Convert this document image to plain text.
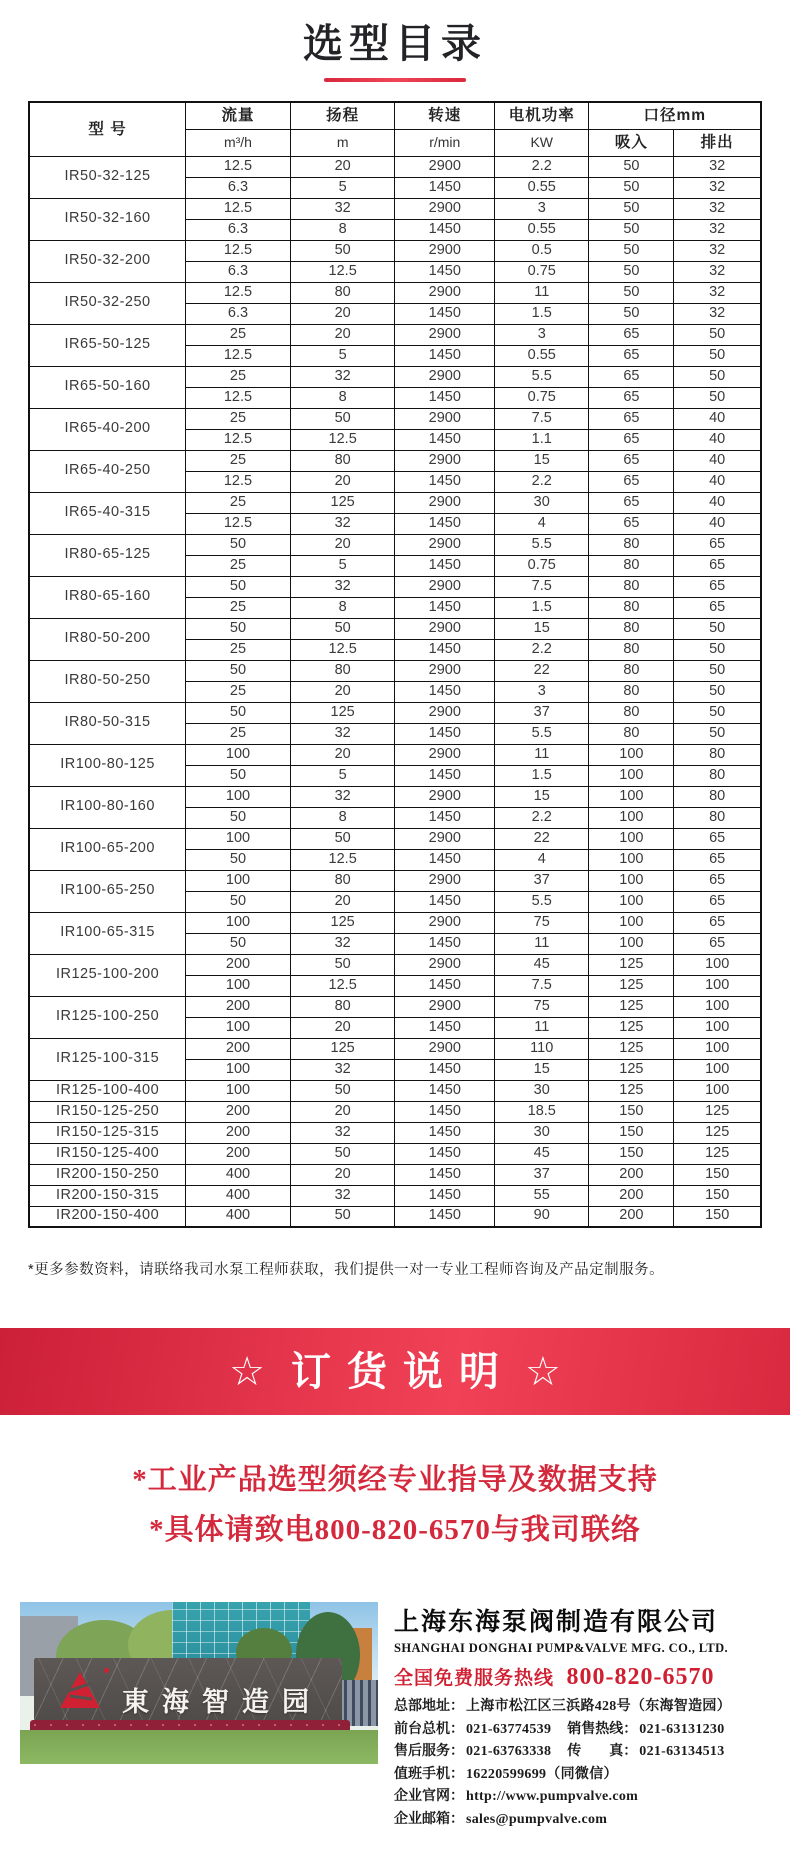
选型目录
型 号	流量	扬程	转速	电机功率	口径mm	
	m³/h	m	r/min	KW	吸入	排出
IR50-32-125	12.5	20	2900	2.2	50	32
	6.3	5	1450	0.55	50	32
IR50-32-160	12.5	32	2900	3	50	32
	6.3	8	1450	0.55	50	32
IR50-32-200	12.5	50	2900	0.5	50	32
	6.3	12.5	1450	0.75	50	32
IR50-32-250	12.5	80	2900	11	50	32
	6.3	20	1450	1.5	50	32
IR65-50-125	25	20	2900	3	65	50
	12.5	5	1450	0.55	65	50
IR65-50-160	25	32	2900	5.5	65	50
	12.5	8	1450	0.75	65	50
IR65-40-200	25	50	2900	7.5	65	40
	12.5	12.5	1450	1.1	65	40
IR65-40-250	25	80	2900	15	65	40
	12.5	20	1450	2.2	65	40
IR65-40-315	25	125	2900	30	65	40
	12.5	32	1450	4	65	40
IR80-65-125	50	20	2900	5.5	80	65
	25	5	1450	0.75	80	65
IR80-65-160	50	32	2900	7.5	80	65
	25	8	1450	1.5	80	65
IR80-50-200	50	50	2900	15	80	50
	25	12.5	1450	2.2	80	50
IR80-50-250	50	80	2900	22	80	50
	25	20	1450	3	80	50
IR80-50-315	50	125	2900	37	80	50
	25	32	1450	5.5	80	50
IR100-80-125	100	20	2900	11	100	80
	50	5	1450	1.5	100	80
IR100-80-160	100	32	2900	15	100	80
	50	8	1450	2.2	100	80
IR100-65-200	100	50	2900	22	100	65
	50	12.5	1450	4	100	65
IR100-65-250	100	80	2900	37	100	65
	50	20	1450	5.5	100	65
IR100-65-315	100	125	2900	75	100	65
	50	32	1450	11	100	65
IR125-100-200	200	50	2900	45	125	100
	100	12.5	1450	7.5	125	100
IR125-100-250	200	80	2900	75	125	100
	100	20	1450	11	125	100
IR125-100-315	200	125	2900	110	125	100
	100	32	1450	15	125	100
IR125-100-400	100	50	1450	30	125	100
IR150-125-250	200	20	1450	18.5	150	125
IR150-125-315	200	32	1450	30	150	125
IR150-125-400	200	50	1450	45	150	125
IR200-150-250	400	20	1450	37	200	150
IR200-150-315	400	32	1450	55	200	150
IR200-150-400	400	50	1450	90	200	150
*更多参数资料，请联络我司水泵工程师获取，我们提供一对一专业工程师咨询及产品定制服务。
☆ 订货说明 ☆
*工业产品选型须经专业指导及数据支持
*具体请致电800-820-6570与我司联络
東海智造园
上海东海泵阀制造有限公司
SHANGHAI DONGHAI PUMP&VALVE MFG. CO., LTD.
全国免费服务热线 800-820-6570
总部地址： 上海市松江区三浜路428号（东海智造园）
前台总机： 021-63774539 销售热线： 021-63131230
售后服务： 021-63763338 传　　真： 021-63134513
值班手机： 16220599699（同微信）
企业官网： http://www.pumpvalve.com
企业邮箱： sales@pumpvalve.com
